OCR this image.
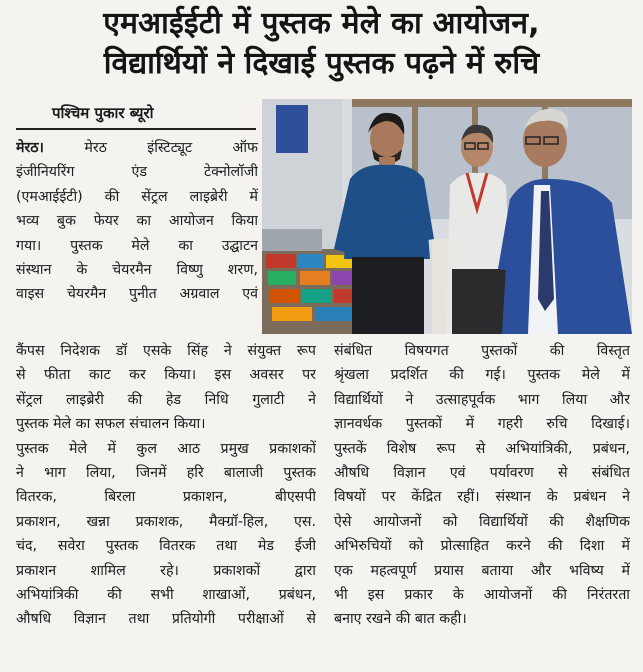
एमआईईटी में पुस्तक मेले का आयोजन,
विद्यार्थियों ने दिखाई पुस्तक पढ़ने में रुचि
पश्चिम पुकार ब्यूरो
मेरठ। मेरठ इंस्टिट्यूट ऑफ
इंजीनियरिंग एंड टेक्नोलॉजी
(एमआईईटी) की सेंट्रल लाइब्रेरी में
भव्य बुक फेयर का आयोजन किया
गया। पुस्तक मेले का उद्घाटन
संस्थान के चेयरमैन विष्णु शरण,
वाइस चेयरमैन पुनीत अग्रवाल एवं
कैंपस निदेशक डॉ एसके सिंह ने संयुक्त रूप
से फीता काट कर किया। इस अवसर पर
सेंट्रल लाइब्रेरी की हेड निधि गुलाटी ने
पुस्तक मेले का सफल संचालन किया।
पुस्तक मेले में कुल आठ प्रमुख प्रकाशकों
ने भाग लिया, जिनमें हरि बालाजी पुस्तक
वितरक, बिरला प्रकाशन, बीएसपी
प्रकाशन, खन्ना प्रकाशक, मैक्ग्रॉ-हिल, एस.
चंद, सवेरा पुस्तक वितरक तथा मेड ईजी
प्रकाशन शामिल रहे। प्रकाशकों द्वारा
अभियांत्रिकी की सभी शाखाओं, प्रबंधन,
औषधि विज्ञान तथा प्रतियोगी परीक्षाओं से
संबंधित विषयगत पुस्तकों की विस्तृत
श्रृंखला प्रदर्शित की गई। पुस्तक मेले में
विद्यार्थियों ने उत्साहपूर्वक भाग लिया और
ज्ञानवर्धक पुस्तकों में गहरी रुचि दिखाई।
पुस्तकें विशेष रूप से अभियांत्रिकी, प्रबंधन,
औषधि विज्ञान एवं पर्यावरण से संबंधित
विषयों पर केंद्रित रहीं। संस्थान के प्रबंधन ने
ऐसे आयोजनों को विद्यार्थियों की शैक्षणिक
अभिरुचियों को प्रोत्साहित करने की दिशा में
एक महत्वपूर्ण प्रयास बताया और भविष्य में
भी इस प्रकार के आयोजनों की निरंतरता
बनाए रखने की बात कही।
